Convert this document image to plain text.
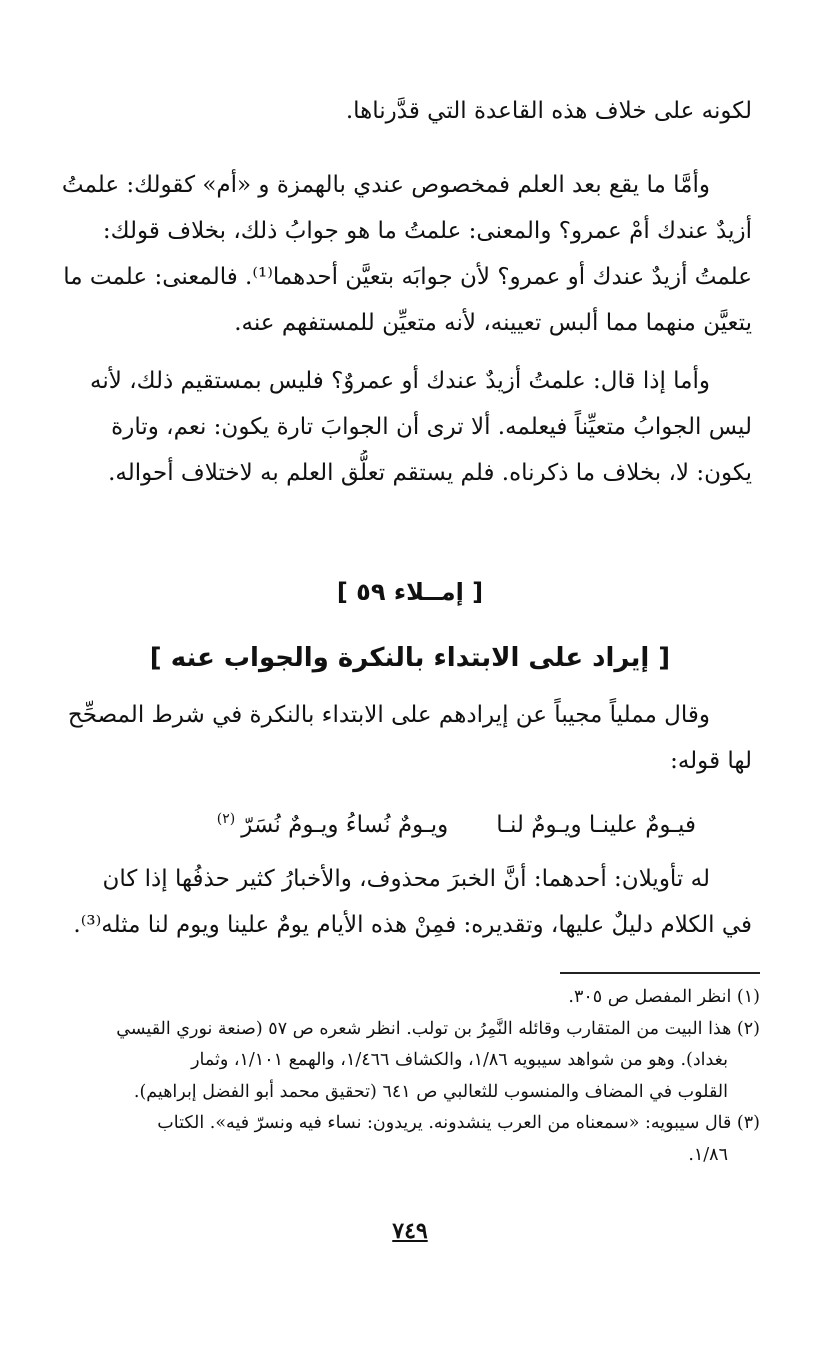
لكونه على خلاف هذه القاعدة التي قدَّرناها.
وأمَّا ما يقع بعد العلم فمخصوص عندي بالهمزة و «أم» كقولك: علمتُ
أزيدٌ عندك أمْ عمرو؟ والمعنى: علمتُ ما هو جوابُ ذلك، بخلاف قولك:
علمتُ أزيدٌ عندك أو عمرو؟ لأن جوابَه بتعيَّن أحدهما⁽¹⁾. فالمعنى: علمت ما
يتعيَّن منهما مما ألبس تعيينه، لأنه متعيِّن للمستفهم عنه.
وأما إذا قال: علمتُ أزيدٌ عندك أو عمروٌ؟ فليس بمستقيم ذلك، لأنه
ليس الجوابُ متعيِّناً فيعلمه. ألا ترى أن الجوابَ تارة يكون: نعم، وتارة
يكون: لا، بخلاف ما ذكرناه. فلم يستقم تعلُّق العلم به لاختلاف أحواله.
[ إمــلاء ٥٩ ]
[ إيراد على الابتداء بالنكرة والجواب عنه ]
وقال مملياً مجيباً عن إيرادهم على الابتداء بالنكرة في شرط المصحِّح
لها قوله:
فيـومٌ علينـا ويـومٌ لنـاويـومٌ نُساءُ ويـومٌ نُسَرّ$^{(٢)}$
له تأويلان: أحدهما: أنَّ الخبرَ محذوف، والأخبارُ كثير حذفُها إذا كان
في الكلام دليلٌ عليها، وتقديره: فمِنْ هذه الأيام يومٌ علينا ويوم لنا مثله⁽³⁾.
(١) انظر المفصل ص ٣٠٥.
(٢) هذا البيت من المتقارب وقائله النَّمِرُ بن تولب. انظر شعره ص ٥٧ (صنعة نوري القيسي
بغداد). وهو من شواهد سيبويه ١/٨٦، والكشاف ١/٤٦٦، والهمع ١/١٠١، وثمار
القلوب في المضاف والمنسوب للثعالبي ص ٦٤١ (تحقيق محمد أبو الفضل إبراهيم).
(٣) قال سيبويه: «سمعناه من العرب ينشدونه. يريدون: نساء فيه ونسرّ فيه». الكتاب
١/٨٦.
٧٤٩
